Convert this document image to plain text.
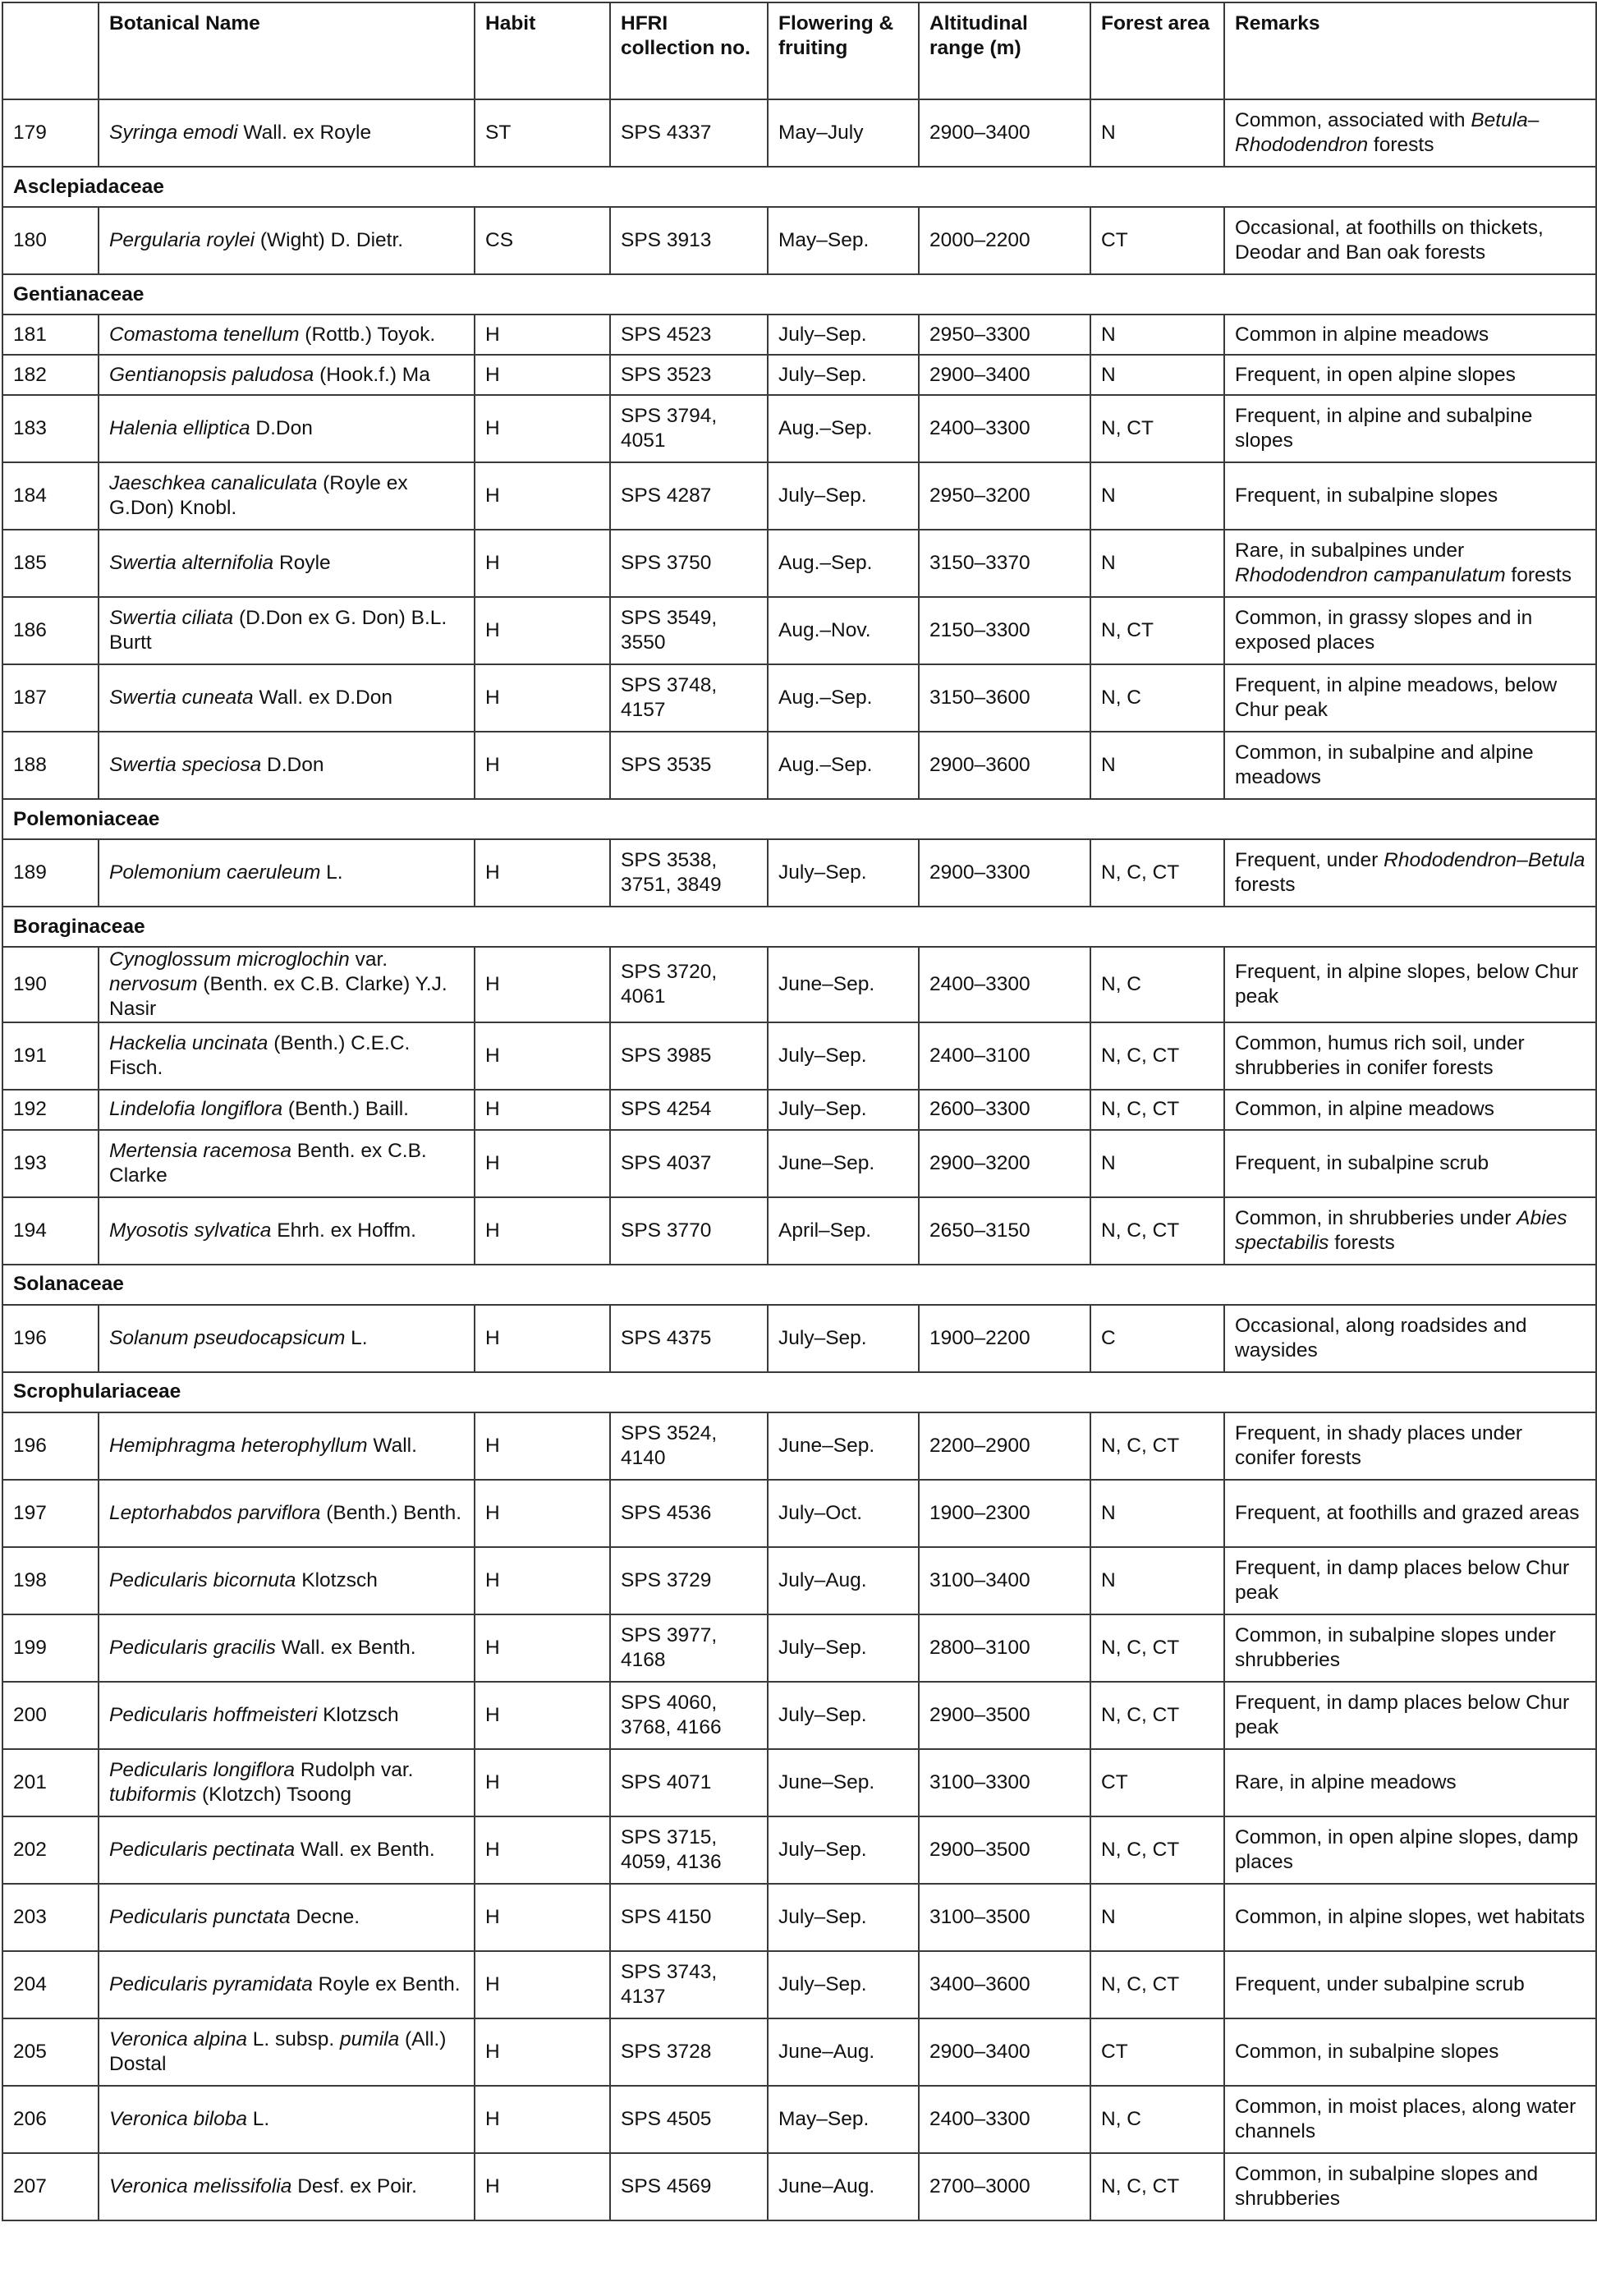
	Botanical Name	Habit	HFRI collection no.	Flowering & fruiting	Altitudinal range (m)	Forest area	Remarks
179	Syringa emodi Wall. ex Royle	ST	SPS 4337	May–July	2900–3400	N	Common, associated with Betula–Rhododendron forests
Asclepiadaceae							
180	Pergularia roylei (Wight) D. Dietr.	CS	SPS 3913	May–Sep.	2000–2200	CT	Occasional, at foothills on thickets, Deodar and Ban oak forests
Gentianaceae							
181	Comastoma tenellum (Rottb.) Toyok.	H	SPS 4523	July–Sep.	2950–3300	N	Common in alpine meadows
182	Gentianopsis paludosa (Hook.f.) Ma	H	SPS 3523	July–Sep.	2900–3400	N	Frequent, in open alpine slopes
183	Halenia elliptica D.Don	H	SPS 3794, 4051	Aug.–Sep.	2400–3300	N, CT	Frequent, in alpine and subalpine slopes
184	Jaeschkea canaliculata (Royle ex G.Don) Knobl.	H	SPS 4287	July–Sep.	2950–3200	N	Frequent, in subalpine slopes
185	Swertia alternifolia Royle	H	SPS 3750	Aug.–Sep.	3150–3370	N	Rare, in subalpines under Rhododendron campanulatum forests
186	Swertia ciliata (D.Don ex G. Don) B.L. Burtt	H	SPS 3549, 3550	Aug.–Nov.	2150–3300	N, CT	Common, in grassy slopes and in exposed places
187	Swertia cuneata Wall. ex D.Don	H	SPS 3748, 4157	Aug.–Sep.	3150–3600	N, C	Frequent, in alpine meadows, below Chur peak
188	Swertia speciosa D.Don	H	SPS 3535	Aug.–Sep.	2900–3600	N	Common, in subalpine and alpine meadows
Polemoniaceae							
189	Polemonium caeruleum L.	H	SPS 3538, 3751, 3849	July–Sep.	2900–3300	N, C, CT	Frequent, under Rhododendron–Betula forests
Boraginaceae							
190	Cynoglossum microglochin var. nervosum (Benth. ex C.B. Clarke) Y.J. Nasir	H	SPS 3720, 4061	June–Sep.	2400–3300	N, C	Frequent, in alpine slopes, below Chur peak
191	Hackelia uncinata (Benth.) C.E.C. Fisch.	H	SPS 3985	July–Sep.	2400–3100	N, C, CT	Common, humus rich soil, under shrubberies in conifer forests
192	Lindelofia longiflora (Benth.) Baill.	H	SPS 4254	July–Sep.	2600–3300	N, C, CT	Common, in alpine meadows
193	Mertensia racemosa Benth. ex C.B. Clarke	H	SPS 4037	June–Sep.	2900–3200	N	Frequent, in subalpine scrub
194	Myosotis sylvatica Ehrh. ex Hoffm.	H	SPS 3770	April–Sep.	2650–3150	N, C, CT	Common, in shrubberies under Abies spectabilis forests
Solanaceae							
196	Solanum pseudocapsicum L.	H	SPS 4375	July–Sep.	1900–2200	C	Occasional, along roadsides and waysides
Scrophulariaceae							
196	Hemiphragma heterophyllum Wall.	H	SPS 3524, 4140	June–Sep.	2200–2900	N, C, CT	Frequent, in shady places under conifer forests
197	Leptorhabdos parviflora (Benth.) Benth.	H	SPS 4536	July–Oct.	1900–2300	N	Frequent, at foothills and grazed areas
198	Pedicularis bicornuta Klotzsch	H	SPS 3729	July–Aug.	3100–3400	N	Frequent, in damp places below Chur peak
199	Pedicularis gracilis Wall. ex Benth.	H	SPS 3977, 4168	July–Sep.	2800–3100	N, C, CT	Common, in subalpine slopes under shrubberies
200	Pedicularis hoffmeisteri Klotzsch	H	SPS 4060, 3768, 4166	July–Sep.	2900–3500	N, C, CT	Frequent, in damp places below Chur peak
201	Pedicularis longiflora Rudolph var. tubiformis (Klotzch) Tsoong	H	SPS 4071	June–Sep.	3100–3300	CT	Rare, in alpine meadows
202	Pedicularis pectinata Wall. ex Benth.	H	SPS 3715, 4059, 4136	July–Sep.	2900–3500	N, C, CT	Common, in open alpine slopes, damp places
203	Pedicularis punctata Decne.	H	SPS 4150	July–Sep.	3100–3500	N	Common, in alpine slopes, wet habitats
204	Pedicularis pyramidata Royle ex Benth.	H	SPS 3743, 4137	July–Sep.	3400–3600	N, C, CT	Frequent, under subalpine scrub
205	Veronica alpina L. subsp. pumila (All.) Dostal	H	SPS 3728	June–Aug.	2900–3400	CT	Common, in subalpine slopes
206	Veronica biloba L.	H	SPS 4505	May–Sep.	2400–3300	N, C	Common, in moist places, along water channels
207	Veronica melissifolia Desf. ex Poir.	H	SPS 4569	June–Aug.	2700–3000	N, C, CT	Common, in subalpine slopes and shrubberies
